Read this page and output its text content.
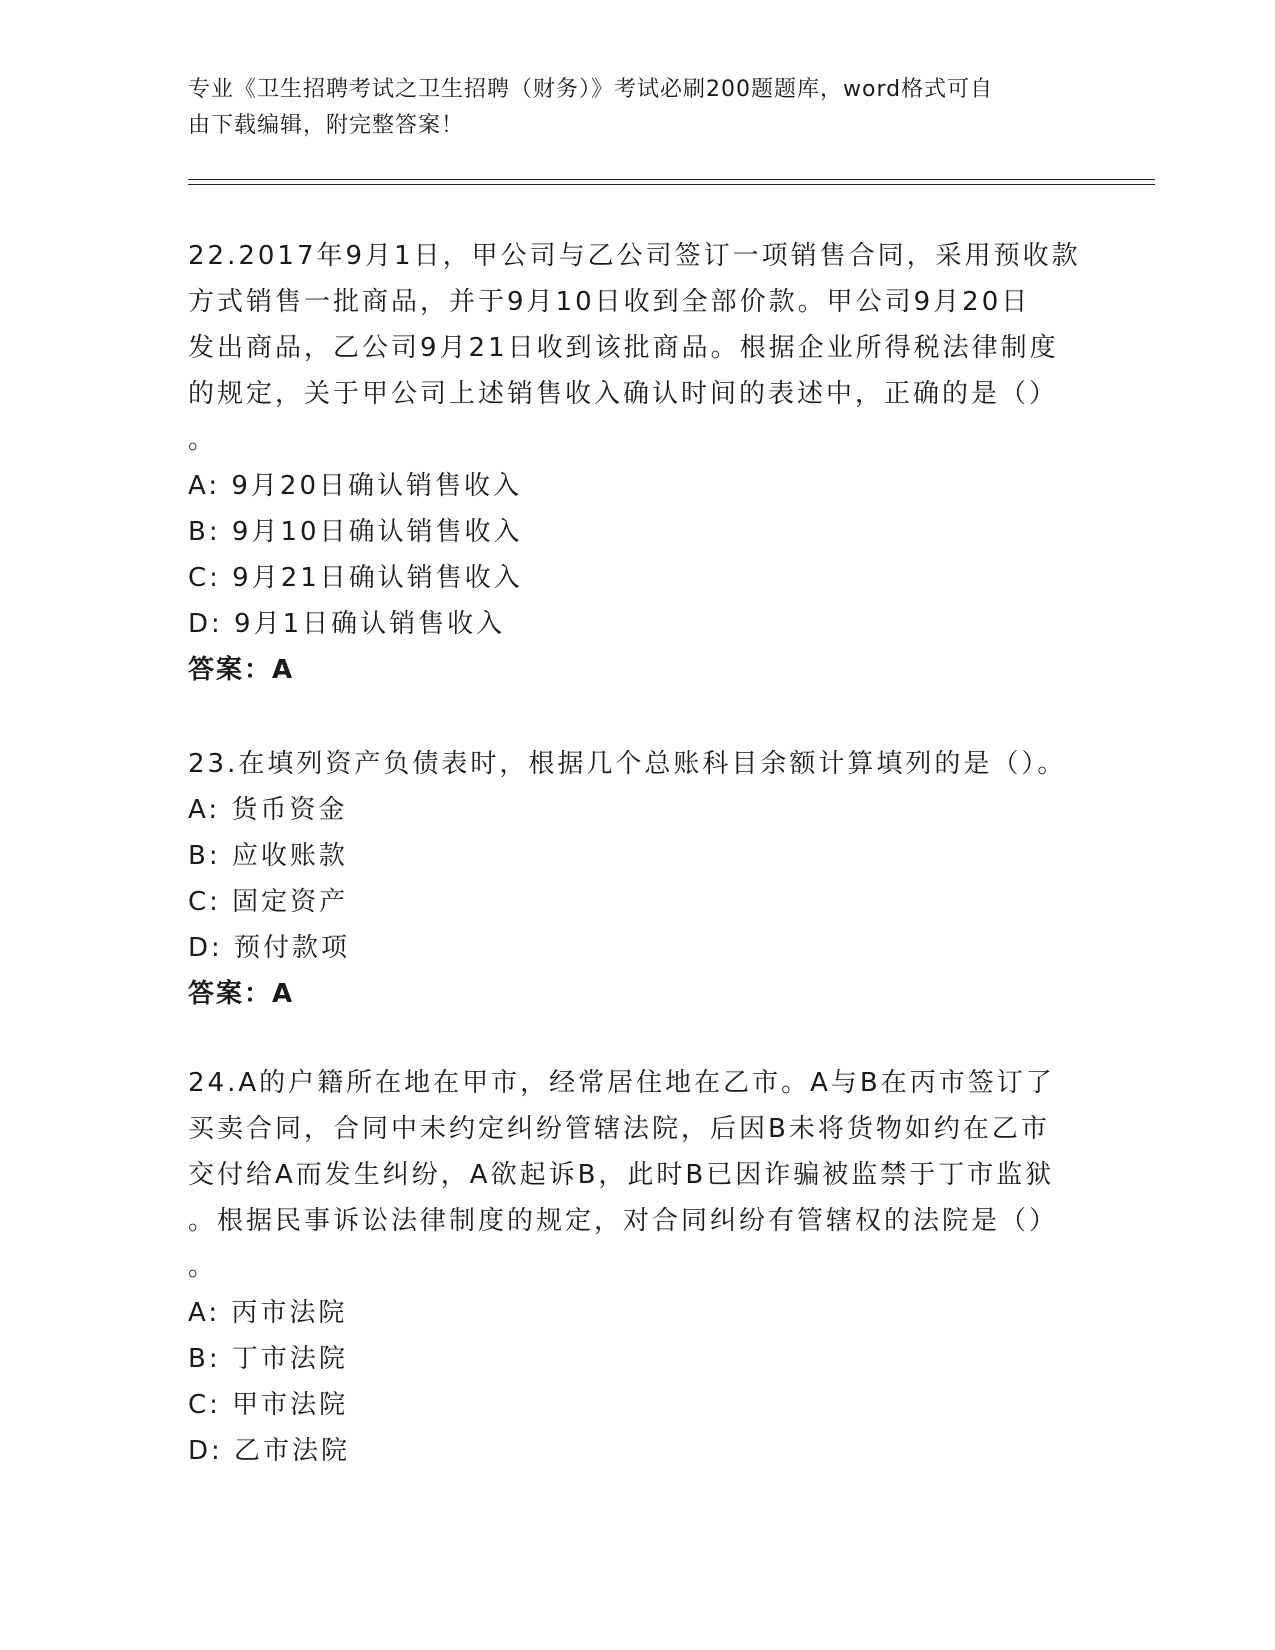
专业《卫生招聘考试之卫生招聘（财务）》考试必刷200题题库，word格式可自
由下载编辑，附完整答案！
22.2017年9月1日，甲公司与乙公司签订一项销售合同，采用预收款
方式销售一批商品，并于9月10日收到全部价款。甲公司9月20日
发出商品，乙公司9月21日收到该批商品。根据企业所得税法律制度
的规定，关于甲公司上述销售收入确认时间的表述中，正确的是（）
。
A: 9月20日确认销售收入
B: 9月10日确认销售收入
C: 9月21日确认销售收入
D: 9月1日确认销售收入
答案：A
23.在填列资产负债表时，根据几个总账科目余额计算填列的是（）。
A: 货币资金
B: 应收账款
C: 固定资产
D: 预付款项
答案：A
24.A的户籍所在地在甲市，经常居住地在乙市。A与B在丙市签订了
买卖合同，合同中未约定纠纷管辖法院，后因B未将货物如约在乙市
交付给A而发生纠纷，A欲起诉B，此时B已因诈骗被监禁于丁市监狱
。根据民事诉讼法律制度的规定，对合同纠纷有管辖权的法院是（）
。
A: 丙市法院
B: 丁市法院
C: 甲市法院
D: 乙市法院
